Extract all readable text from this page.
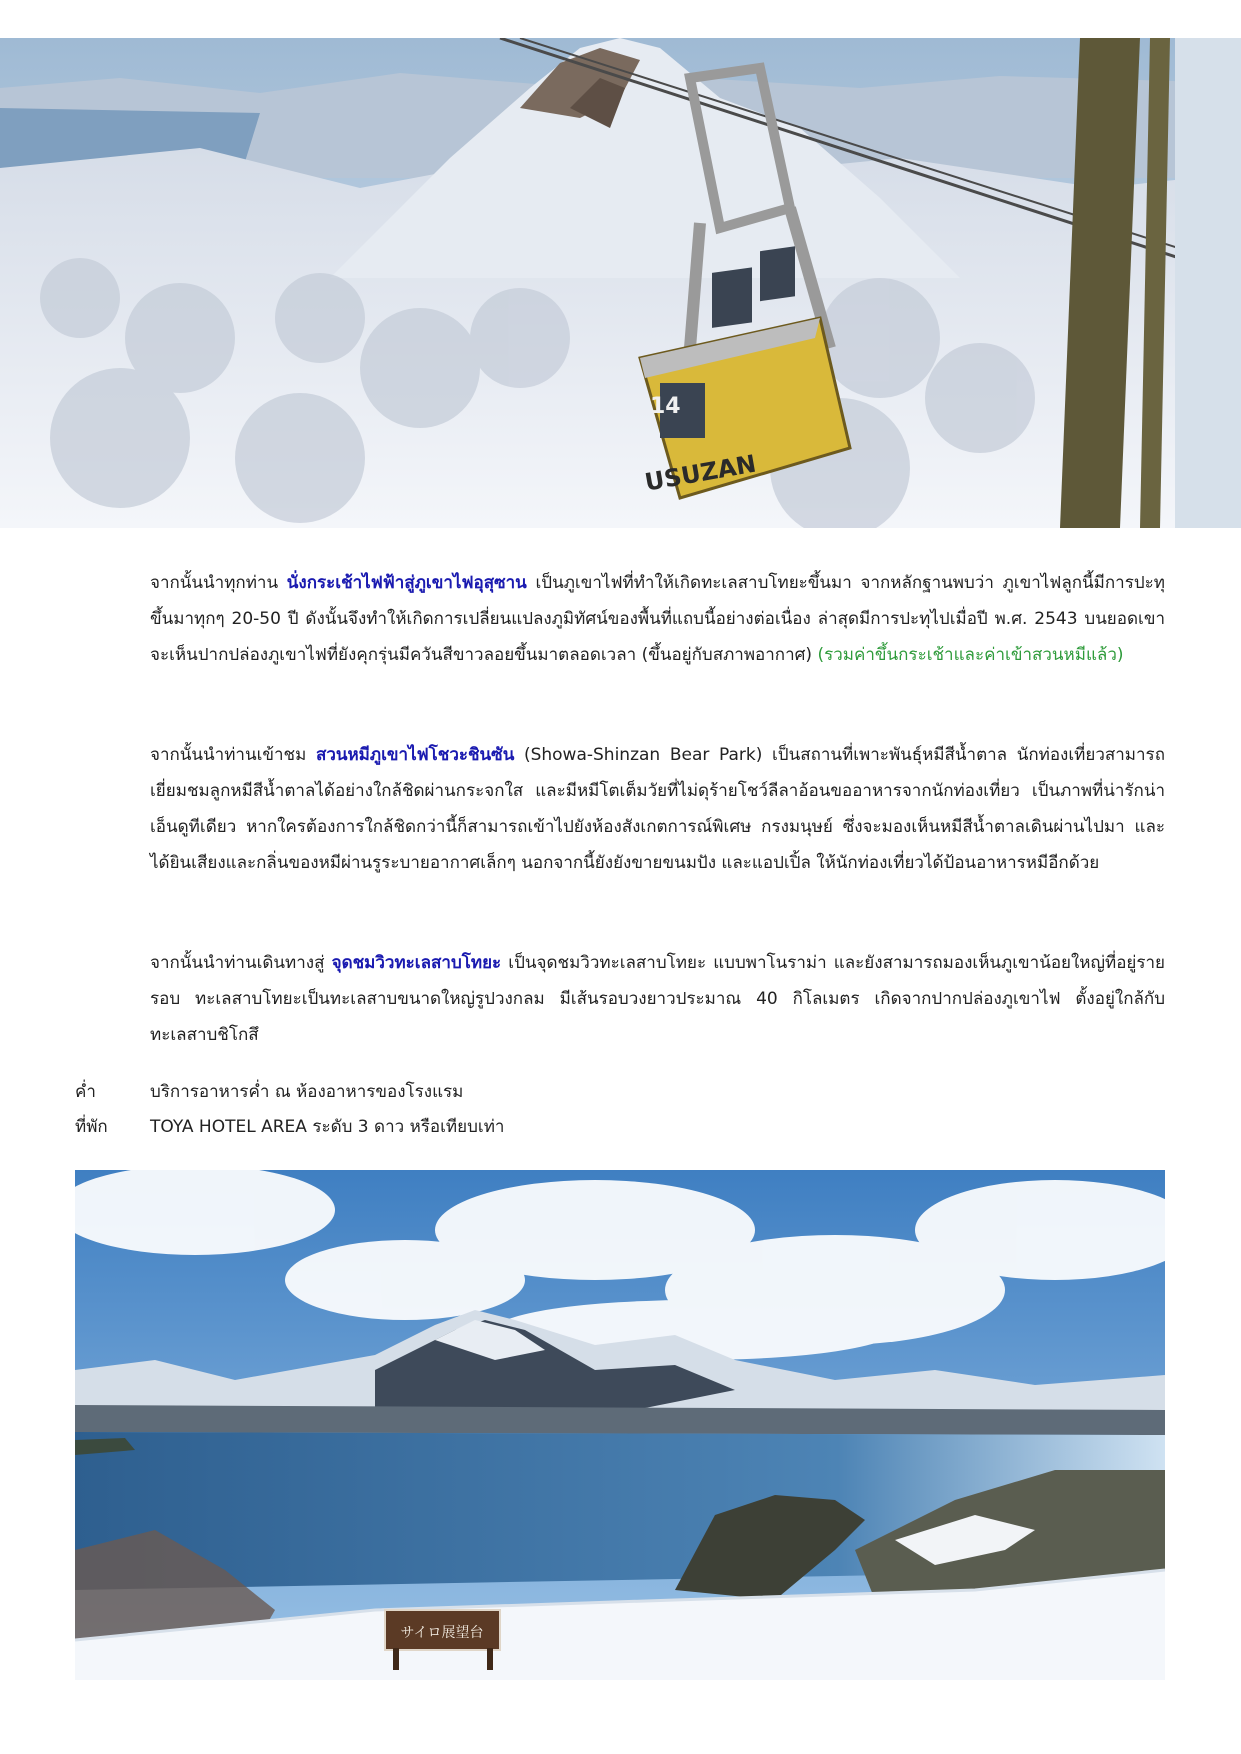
USUZAN
14

จากนั้นนำทุกท่าน นั่งกระเช้าไฟฟ้าสู่ภูเขาไฟอุสุซาน เป็นภูเขาไฟที่ทำให้เกิดทะเลสาบโทยะขึ้นมา จากหลักฐานพบว่า ภูเขาไฟลูกนี้มีการปะทุขึ้นมาทุกๆ 20-50 ปี ดังนั้นจึงทำให้เกิดการเปลี่ยนแปลงภูมิทัศน์ของพื้นที่แถบนี้อย่างต่อเนื่อง ล่าสุดมีการปะทุไปเมื่อปี พ.ศ. 2543 บนยอดเขาจะเห็นปากปล่องภูเขาไฟที่ยังคุกรุ่นมีควันสีขาวลอยขึ้นมาตลอดเวลา (ขึ้นอยู่กับสภาพอากาศ) (รวมค่าขึ้นกระเช้าและค่าเข้าสวนหมีแล้ว)

จากนั้นนำท่านเข้าชม สวนหมีภูเขาไฟโชวะชินซัน (Showa-Shinzan Bear Park) เป็นสถานที่เพาะพันธุ์หมีสีน้ำตาล นักท่องเที่ยวสามารถเยี่ยมชมลูกหมีสีน้ำตาลได้อย่างใกล้ชิดผ่านกระจกใส และมีหมีโตเต็มวัยที่ไม่ดุร้ายโชว์ลีลาอ้อนขออาหารจากนักท่องเที่ยว เป็นภาพที่น่ารักน่าเอ็นดูทีเดียว หากใครต้องการใกล้ชิดกว่านี้ก็สามารถเข้าไปยังห้องสังเกตการณ์พิเศษ กรงมนุษย์ ซึ่งจะมองเห็นหมีสีน้ำตาลเดินผ่านไปมา และได้ยินเสียงและกลิ่นของหมีผ่านรูระบายอากาศเล็กๆ นอกจากนี้ยังยังขายขนมปัง และแอปเปิ้ล ให้นักท่องเที่ยวได้ป้อนอาหารหมีอีกด้วย

จากนั้นนำท่านเดินทางสู่ จุดชมวิวทะเลสาบโทยะ เป็นจุดชมวิวทะเลสาบโทยะ แบบพาโนราม่า และยังสามารถมองเห็นภูเขาน้อยใหญ่ที่อยู่รายรอบ ทะเลสาบโทยะเป็นทะเลสาบขนาดใหญ่รูปวงกลม มีเส้นรอบวงยาวประมาณ 40 กิโลเมตร เกิดจากปากปล่องภูเขาไฟ ตั้งอยู่ใกล้กับทะเลสาบชิโกสึ

ค่ำ	บริการอาหารค่ำ ณ ห้องอาหารของโรงแรม
ที่พัก TOYA HOTEL AREA ระดับ 3 ดาว หรือเทียบเท่า
サイロ展望台
